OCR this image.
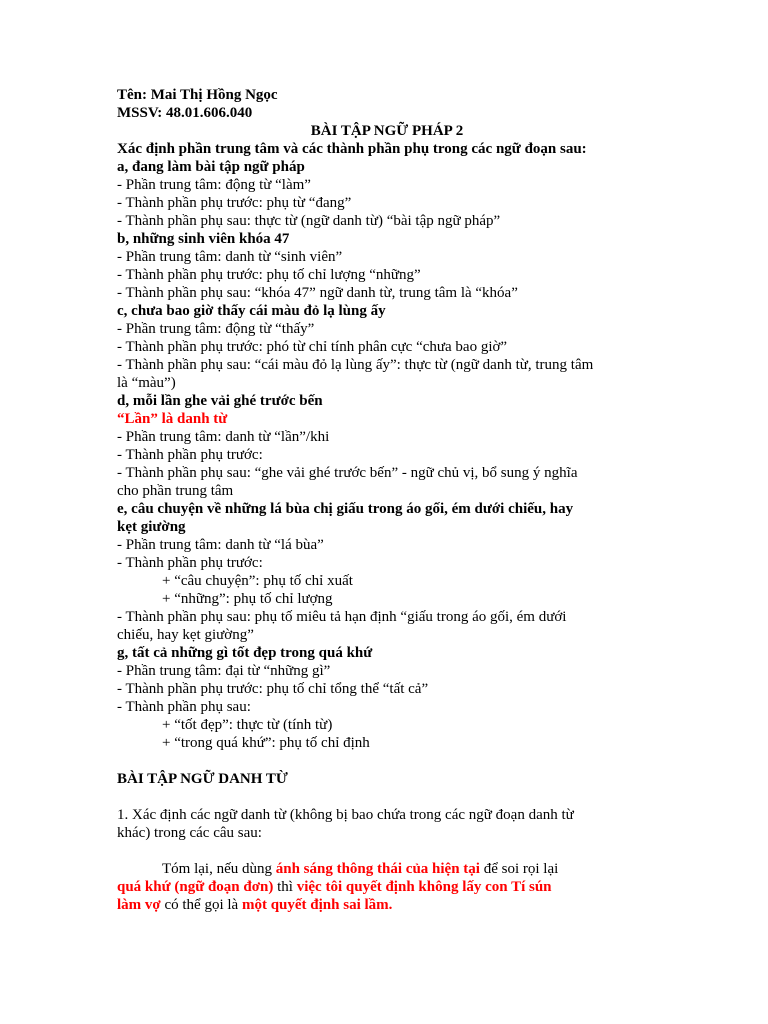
Tên: Mai Thị Hồng Ngọc
MSSV: 48.01.606.040
BÀI TẬP NGỮ PHÁP 2
Xác định phần trung tâm và các thành phần phụ trong các ngữ đoạn sau:
a, đang làm bài tập ngữ pháp
- Phần trung tâm: động từ “làm”
- Thành phần phụ trước: phụ từ “đang”
- Thành phần phụ sau: thực từ (ngữ danh từ) “bài tập ngữ pháp”
b, những sinh viên khóa 47
- Phần trung tâm: danh từ “sinh viên”
- Thành phần phụ trước: phụ tố chỉ lượng “những”
- Thành phần phụ sau: “khóa 47” ngữ danh từ, trung tâm là “khóa”
c, chưa bao giờ thấy cái màu đỏ lạ lùng ấy
- Phần trung tâm: động từ “thấy”
- Thành phần phụ trước: phó từ chỉ tính phân cực “chưa bao giờ”
- Thành phần phụ sau: “cái màu đỏ lạ lùng ấy”: thực từ (ngữ danh từ, trung tâm
là “màu”)
d, mỗi lần ghe vải ghé trước bến
“Lần” là danh từ
- Phần trung tâm: danh từ “lần”/khi
- Thành phần phụ trước:
- Thành phần phụ sau: “ghe vải ghé trước bến” - ngữ chủ vị, bổ sung ý nghĩa
cho phần trung tâm
e, câu chuyện về những lá bùa chị giấu trong áo gối, ém dưới chiếu, hay
kẹt giường
- Phần trung tâm: danh từ “lá bùa”
- Thành phần phụ trước:
+ “câu chuyện”: phụ tố chỉ xuất
+ “những”: phụ tố chỉ lượng
- Thành phần phụ sau: phụ tố miêu tả hạn định “giấu trong áo gối, ém dưới
chiếu, hay kẹt giường”
g, tất cả những gì tốt đẹp trong quá khứ
- Phần trung tâm: đại từ “những gì”
- Thành phần phụ trước: phụ tố chỉ tổng thể “tất cả”
- Thành phần phụ sau:
+ “tốt đẹp”: thực từ (tính từ)
+ “trong quá khứ”: phụ tố chỉ định
BÀI TẬP NGỮ DANH TỪ
1. Xác định các ngữ danh từ (không bị bao chứa trong các ngữ đoạn danh từ
khác) trong các câu sau:
Tóm lại, nếu dùng ánh sáng thông thái của hiện tại để soi rọi lại
quá khứ (ngữ đoạn đơn) thì việc tôi quyết định không lấy con Tí sún
làm vợ có thể gọi là một quyết định sai lầm.
